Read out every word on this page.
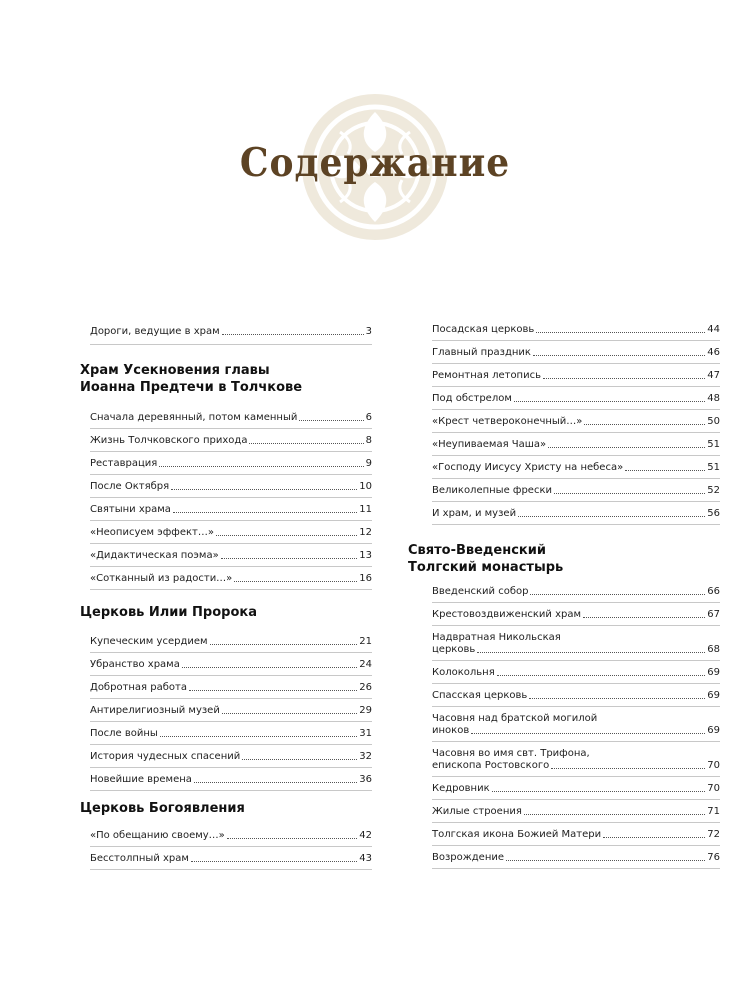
Содержание
Дороги, ведущие в храм	3
Храм Усекновения главы
Иоанна Предтечи в Толчкове
Сначала деревянный, потом каменный	6
Жизнь Толчковского прихода	8
Реставрация	9
После Октября	10
Святыни храма	11
«Неописуем эффект…»	12
«Дидактическая поэма»	13
«Сотканный из радости…»	16
Церковь Илии Пророка
Купеческим усердием	21
Убранство храма	24
Добротная работа	26
Антирелигиозный музей	29
После войны	31
История чудесных спасений	32
Новейшие времена	36
Церковь Богоявления
«По обещанию своему…»	42
Бесстолпный храм	43
Посадская церковь	44
Главный праздник	46
Ремонтная летопись	47
Под обстрелом	48
«Крест четвероконечный…»	50
«Неупиваемая Чаша»	51
«Господу Иисусу Христу на небеса»	51
Великолепные фрески	52
И храм, и музей	56
Свято-Введенский
Толгский монастырь
Введенский собор	66
Крестовоздвиженский храм	67
Надвратная Никольская
церковь	68
Колокольня	69
Спасская церковь	69
Часовня над братской могилой
иноков	69
Часовня во имя свт. Трифона,
епископа Ростовского	70
Кедровник	70
Жилые строения	71
Толгская икона Божией Матери	72
Возрождение	76
